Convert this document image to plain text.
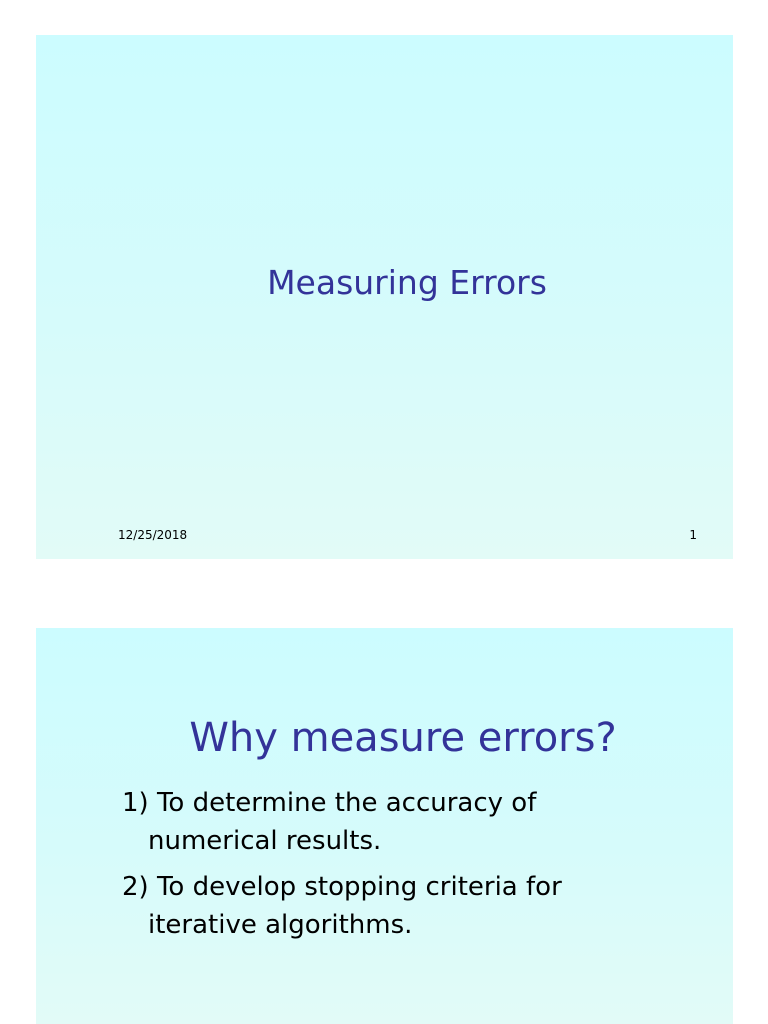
Measuring Errors
12/25/2018	1
Why measure errors?
1) To determine the accuracy of
numerical results.
2) To develop stopping criteria for
iterative algorithms.
